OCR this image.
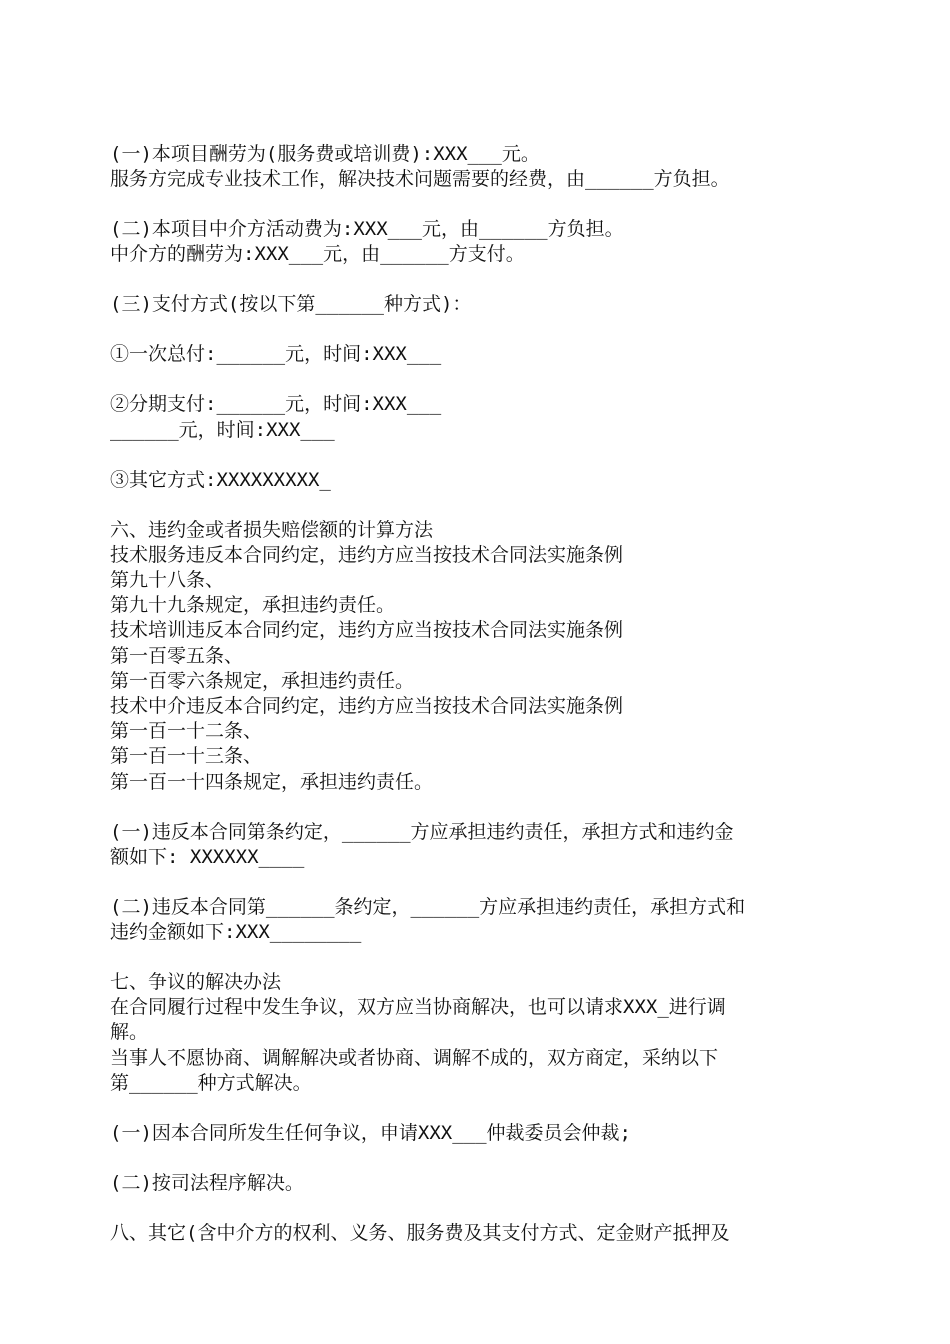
(一)本项目酬劳为(服务费或培训费):XXX___元。
服务方完成专业技术工作，解决技术问题需要的经费，由______方负担。
(二)本项目中介方活动费为:XXX___元，由______方负担。
中介方的酬劳为:XXX___元，由______方支付。
(三)支付方式(按以下第______种方式)：
①一次总付:______元，时间:XXX___
②分期支付:______元，时间:XXX___
______元，时间:XXX___
③其它方式:XXXXXXXXX_
六、违约金或者损失赔偿额的计算方法
技术服务违反本合同约定，违约方应当按技术合同法实施条例
第九十八条、
第九十九条规定，承担违约责任。
技术培训违反本合同约定，违约方应当按技术合同法实施条例
第一百零五条、
第一百零六条规定，承担违约责任。
技术中介违反本合同约定，违约方应当按技术合同法实施条例
第一百一十二条、
第一百一十三条、
第一百一十四条规定，承担违约责任。
(一)违反本合同第条约定，______方应承担违约责任，承担方式和违约金
额如下: XXXXXX____
(二)违反本合同第______条约定，______方应承担违约责任，承担方式和
违约金额如下:XXX________
七、争议的解决办法
在合同履行过程中发生争议，双方应当协商解决，也可以请求XXX_进行调
解。
当事人不愿协商、调解解决或者协商、调解不成的，双方商定，采纳以下
第______种方式解决。
(一)因本合同所发生任何争议，申请XXX___仲裁委员会仲裁;
(二)按司法程序解决。
八、其它(含中介方的权利、义务、服务费及其支付方式、定金财产抵押及
